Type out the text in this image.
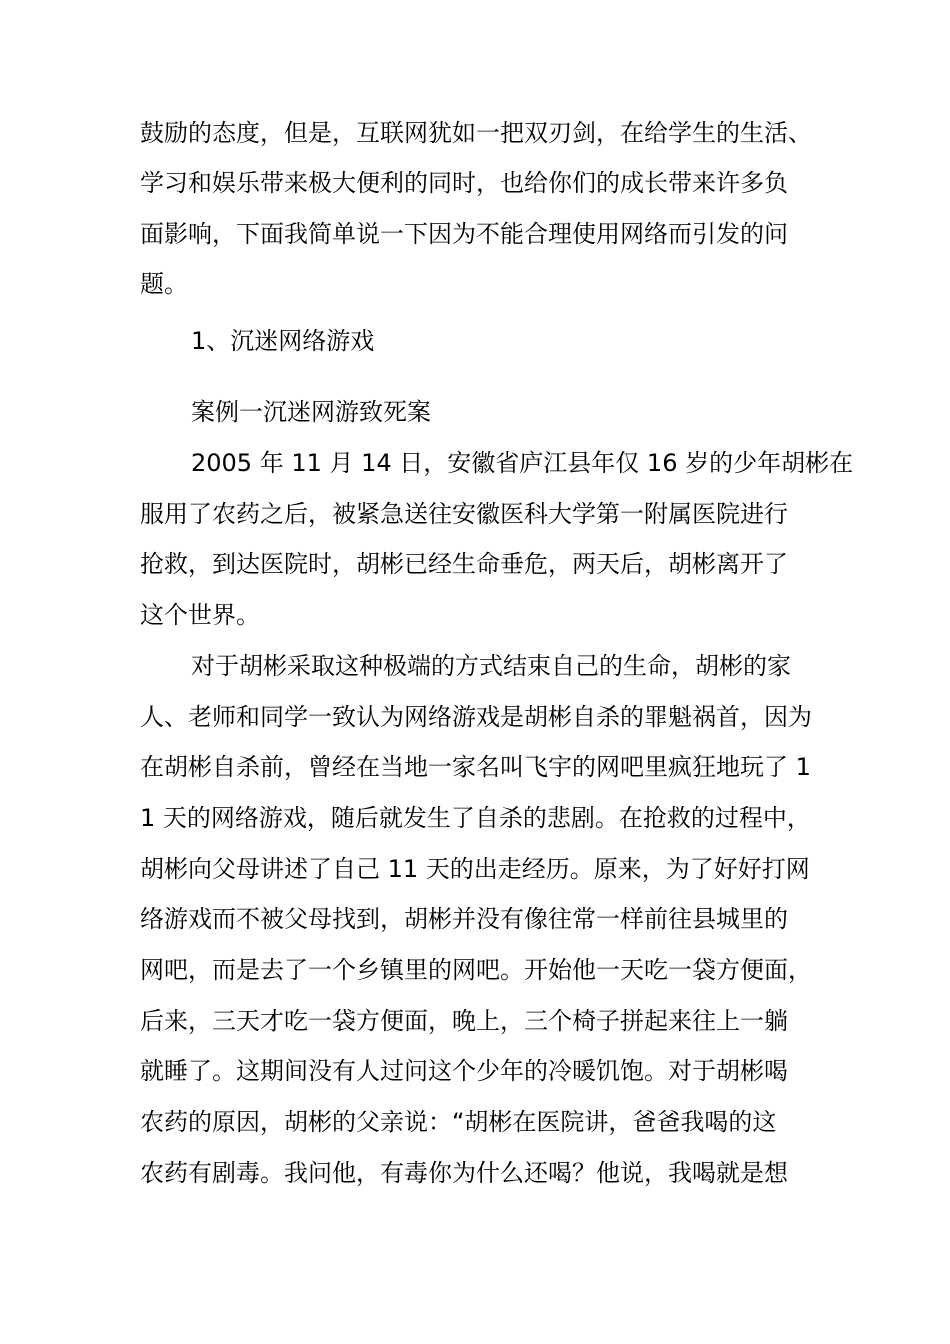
鼓励的态度，但是，互联网犹如一把双刃剑，在给学生的生活、
学习和娱乐带来极大便利的同时，也给你们的成长带来许多负
面影响，下面我简单说一下因为不能合理使用网络而引发的问
题。
1、沉迷网络游戏
案例一沉迷网游致死案
2005 年 11 月 14 日，安徽省庐江县年仅 16 岁的少年胡彬在
服用了农药之后，被紧急送往安徽医科大学第一附属医院进行
抢救，到达医院时，胡彬已经生命垂危，两天后，胡彬离开了
这个世界。
对于胡彬采取这种极端的方式结束自己的生命，胡彬的家
人、老师和同学一致认为网络游戏是胡彬自杀的罪魁祸首，因为
在胡彬自杀前，曾经在当地一家名叫飞宇的网吧里疯狂地玩了 1
1 天的网络游戏，随后就发生了自杀的悲剧。在抢救的过程中，
胡彬向父母讲述了自己 11 天的出走经历。原来，为了好好打网
络游戏而不被父母找到，胡彬并没有像往常一样前往县城里的
网吧，而是去了一个乡镇里的网吧。开始他一天吃一袋方便面，
后来，三天才吃一袋方便面，晚上，三个椅子拼起来往上一躺
就睡了。这期间没有人过问这个少年的冷暖饥饱。对于胡彬喝
农药的原因，胡彬的父亲说：“胡彬在医院讲，爸爸我喝的这
农药有剧毒。我问他，有毒你为什么还喝？他说，我喝就是想
